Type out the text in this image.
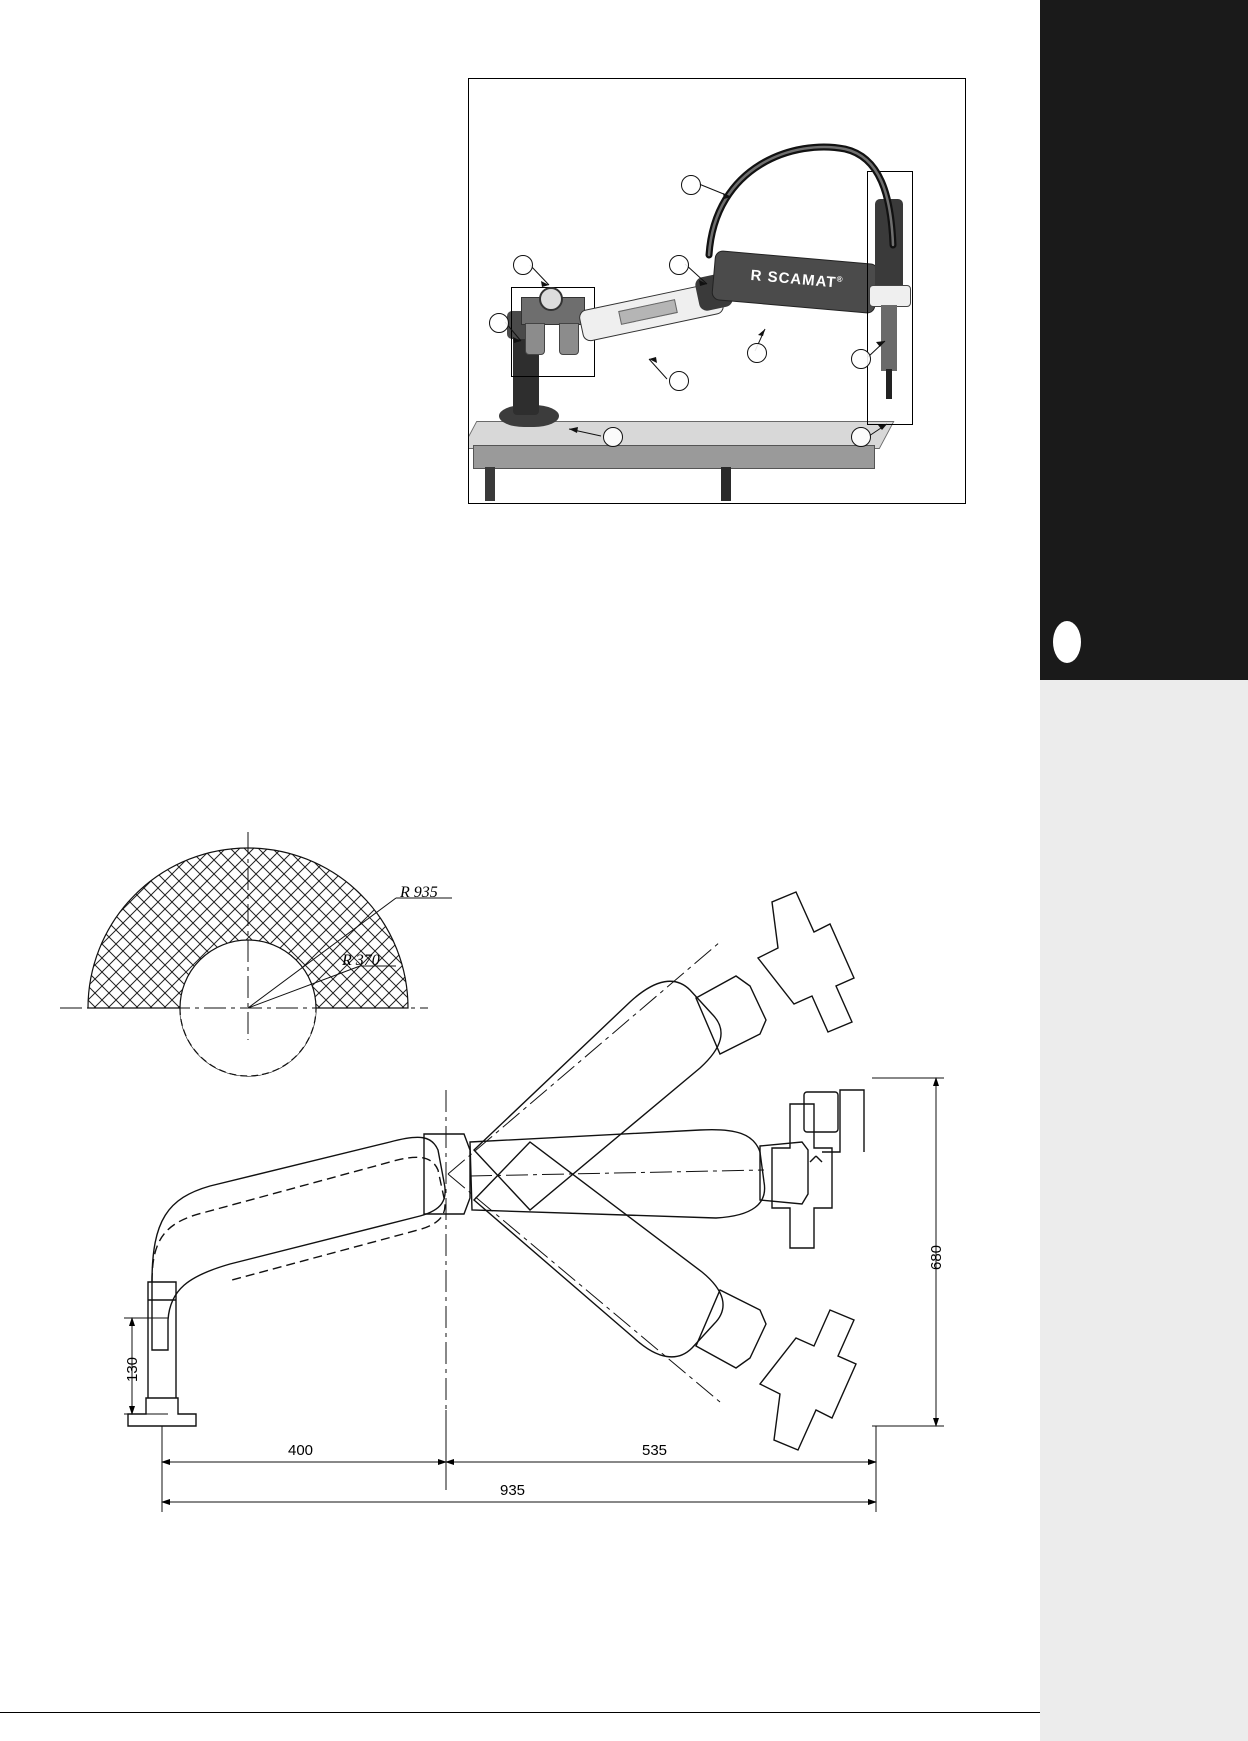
R SCAMAT®
R 935
R 370
680
130
400	535
935
